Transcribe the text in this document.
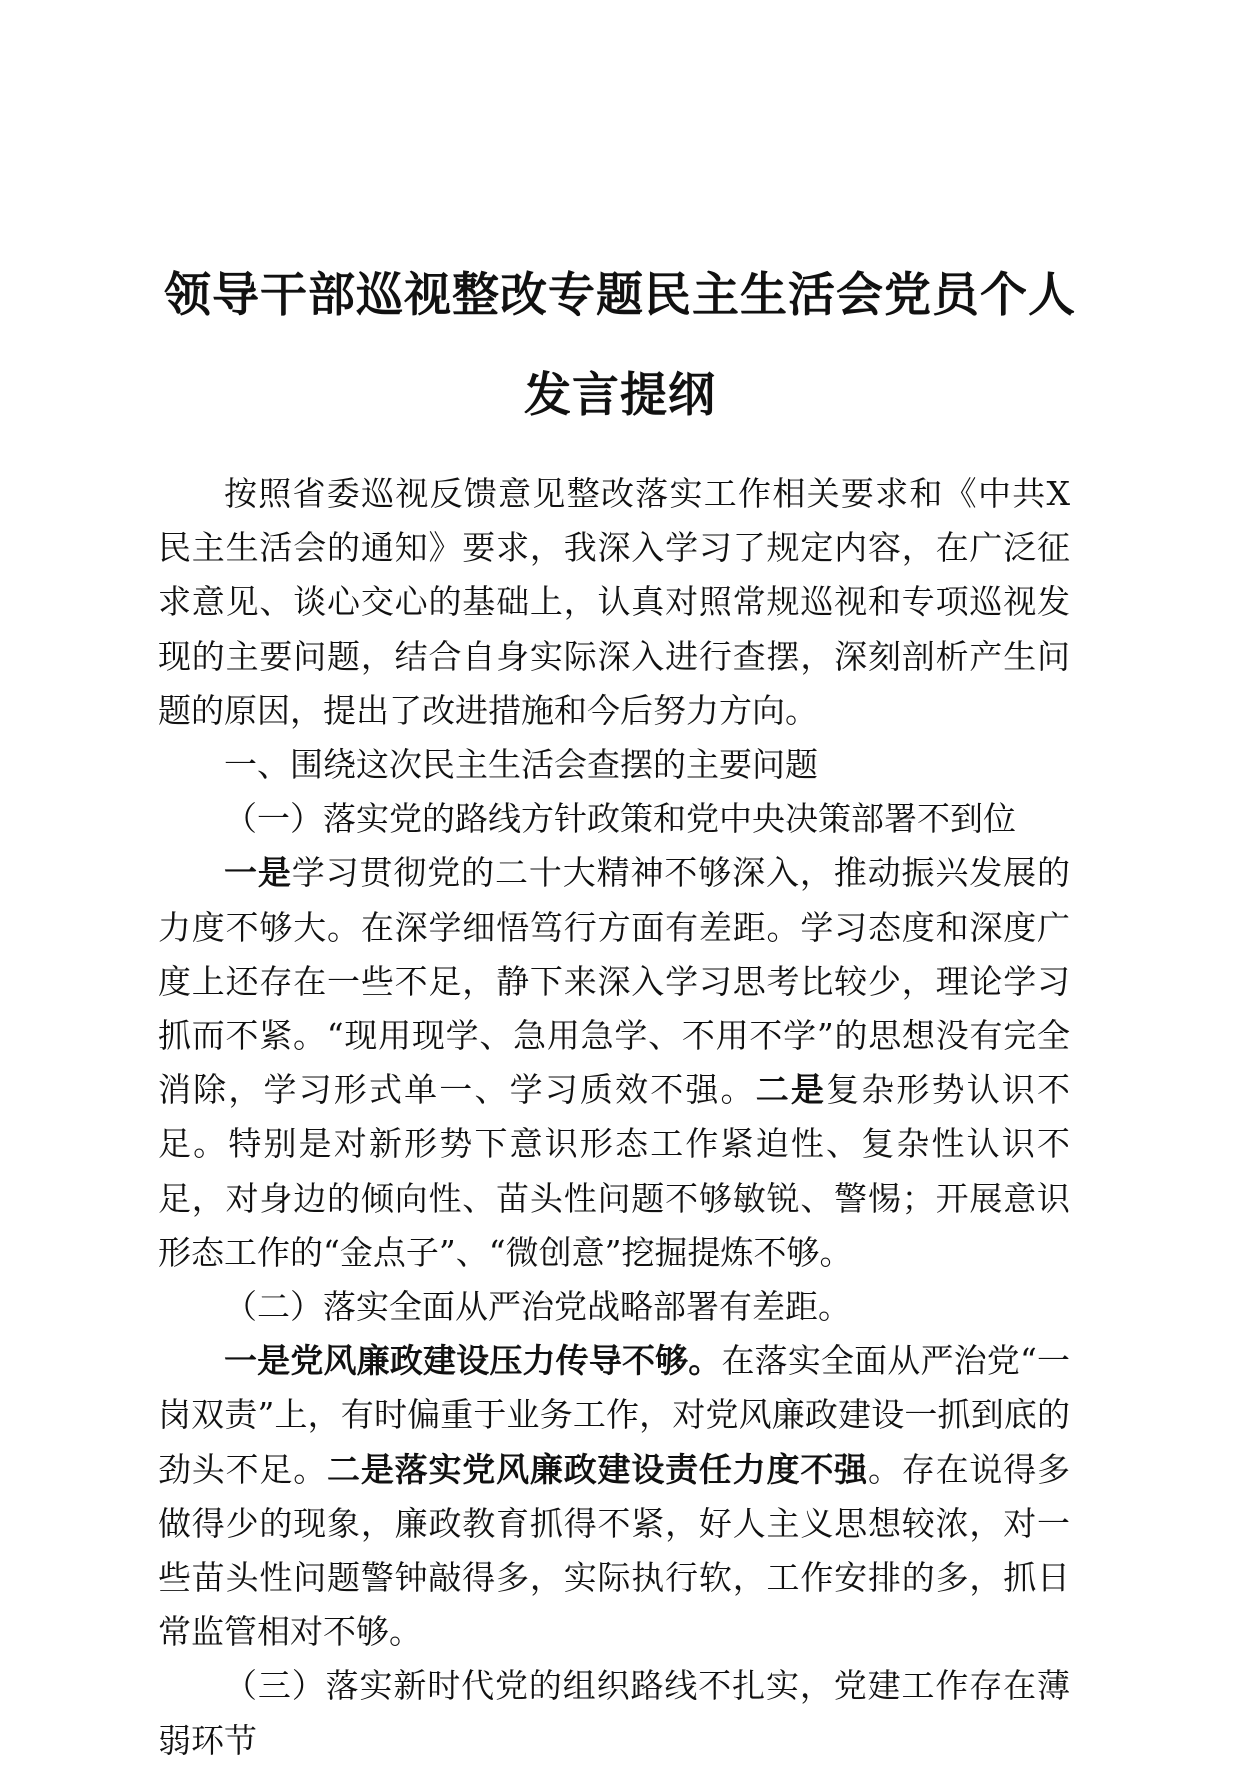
领导干部巡视整改专题民主生活会党员个人发言提纲

按照省委巡视反馈意见整改落实工作相关要求和《中共X民主生活会的通知》要求，我深入学习了规定内容，在广泛征求意见、谈心交心的基础上，认真对照常规巡视和专项巡视发现的主要问题，结合自身实际深入进行查摆，深刻剖析产生问题的原因，提出了改进措施和今后努力方向。

一、围绕这次民主生活会查摆的主要问题

（一）落实党的路线方针政策和党中央决策部署不到位

一是学习贯彻党的二十大精神不够深入，推动振兴发展的力度不够大。在深学细悟笃行方面有差距。学习态度和深度广度上还存在一些不足，静下来深入学习思考比较少，理论学习抓而不紧。“现用现学、急用急学、不用不学”的思想没有完全消除，学习形式单一、学习质效不强。二是复杂形势认识不足。特别是对新形势下意识形态工作紧迫性、复杂性认识不足，对身边的倾向性、苗头性问题不够敏锐、警惕；开展意识形态工作的“金点子”、“微创意”挖掘提炼不够。

（二）落实全面从严治党战略部署有差距。

一是党风廉政建设压力传导不够。在落实全面从严治党“一岗双责”上，有时偏重于业务工作，对党风廉政建设一抓到底的劲头不足。二是落实党风廉政建设责任力度不强。存在说得多做得少的现象，廉政教育抓得不紧，好人主义思想较浓，对一些苗头性问题警钟敲得多，实际执行软，工作安排的多，抓日常监管相对不够。

（三）落实新时代党的组织路线不扎实，党建工作存在薄弱环节
